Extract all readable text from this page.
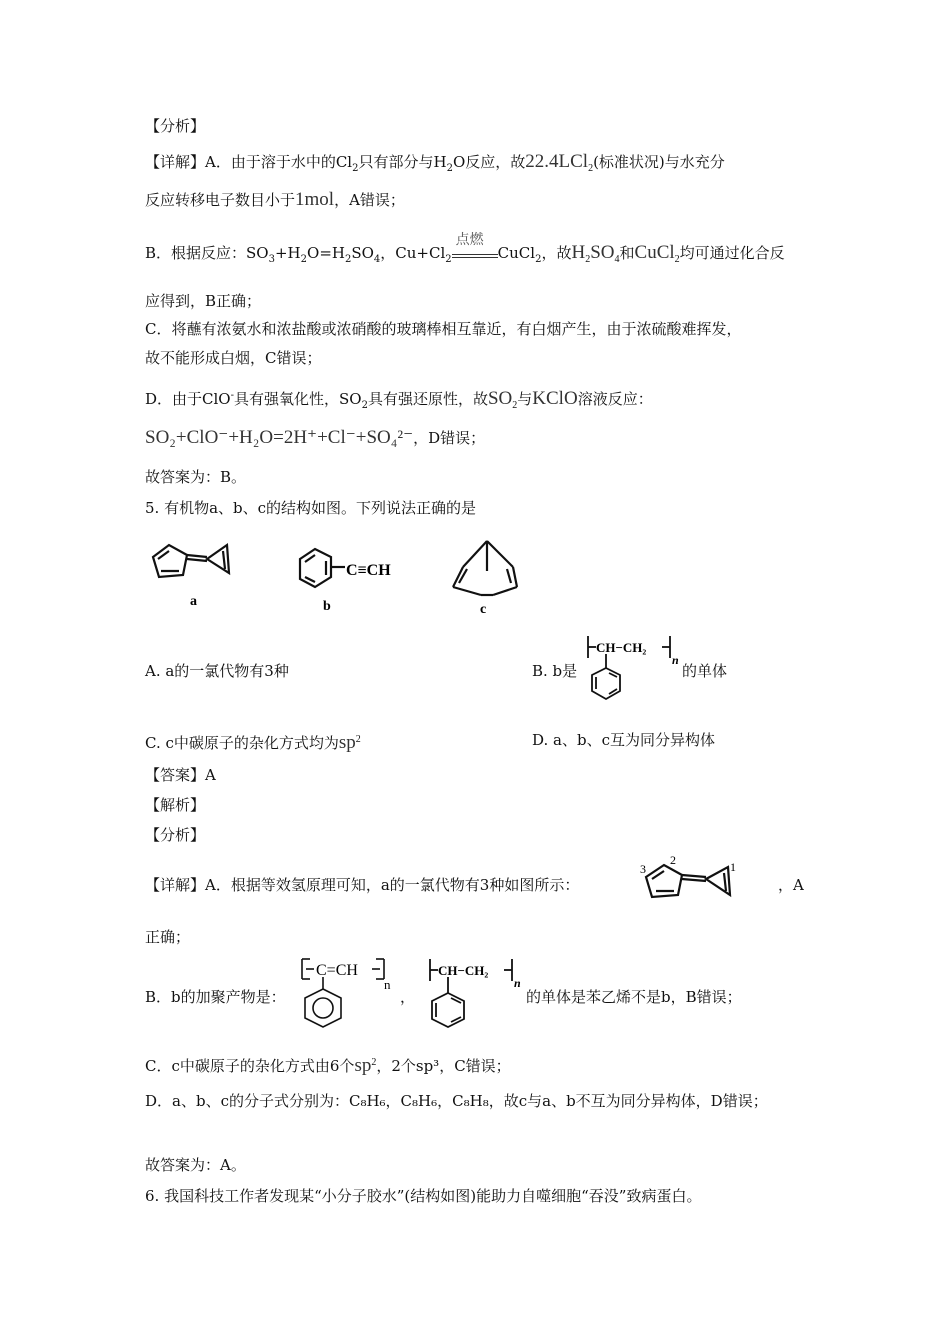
【分析】
【详解】A．由于溶于水中的$Cl_2$只有部分与$H_2O$反应，故22.4LCl$_2$(标准状况)与水充分
反应转移电子数目小于1mol，A错误；
B．根据反应：$SO_3+H_2O=H_2SO_4$，$Cu+Cl_2$
点燃
CuCl$_2$，故$H_2SO_4$和CuCl$_2$均可通过化合反
应得到，B正确；
C．将蘸有浓氨水和浓盐酸或浓硝酸的玻璃棒相互靠近，有白烟产生，由于浓硫酸难挥发，
故不能形成白烟，C错误；
D．由于ClO-具有强氧化性，$SO_2$具有强还原性，故$SO_2$与KClO溶液反应：
SO₂+ClO⁻+H₂O=2H⁺+Cl⁻+SO₄²⁻，D错误；
故答案为：B。
5. 有机物a、b、c的结构如图。下列说法正确的是
a
C≡CH
b	c
A. a的一氯代物有3种	B. b是
CH−CH₂
n
的单体
C. c中碳原子的杂化方式均为$sp^2$	D. a、b、c互为同分异构体
【答案】A
【解析】
【分析】
【详解】A．根据等效氢原理可知，a的一氯代物有3种如图所示：
1
2
3
，A
正确；
B．b的加聚产物是：
C=CH
n
，
CH−CH₂
n
的单体是苯乙烯不是b，B错误；
C．c中碳原子的杂化方式由6个$sp^2$，2个sp³，C错误；
D．a、b、c的分子式分别为：C₈H₆，C₈H₆，C₈H₈，故c与a、b不互为同分异构体，D错误；
故答案为：A。
6. 我国科技工作者发现某“小分子胶水”(结构如图)能助力自噬细胞“吞没”致病蛋白。
